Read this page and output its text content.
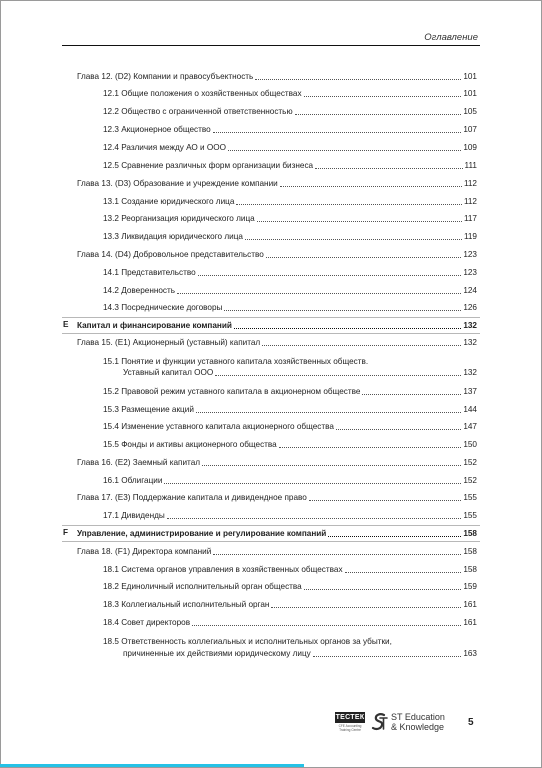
Оглавление
Глава 12. (D2) Компании и правосубъектность	101
12.1 Общие положения о хозяйственных обществах	101
12.2 Общество с ограниченной ответственностью	105
12.3 Акционерное общество	107
12.4 Различия между АО и ООО	109
12.5 Сравнение различных форм организации бизнеса	111
Глава 13. (D3) Образование и учреждение компании	112
13.1 Создание юридического лица	112
13.2 Реорганизация юридического лица	117
13.3 Ликвидация юридического лица	119
Глава 14. (D4) Добровольное представительство	123
14.1 Представительство	123
14.2 Доверенность	124
14.3 Посреднические договоры	126
E Капитал и финансирование компаний	132
Глава 15. (E1) Акционерный (уставный) капитал	132
15.1 Понятие и функции уставного капитала хозяйственных обществ.
Уставный капитал ООО	132
15.2 Правовой режим уставного капитала в акционерном обществе	137
15.3 Размещение акций	144
15.4 Изменение уставного капитала акционерного общества	147
15.5 Фонды и активы акционерного общества	150
Глава 16. (E2) Заемный капитал	152
16.1 Облигации	152
Глава 17. (E3) Поддержание капитала и дивидендное право	155
17.1 Дивиденды	155
F Управление, администрирование и регулирование компаний	158
Глава 18. (F1) Директора компаний	158
18.1 Система органов управления в хозяйственных обществах	158
18.2 Единоличный исполнительный орган общества	159
18.3 Коллегиальный исполнительный орган	161
18.4 Совет директоров	161
18.5 Ответственность коллегиальных и исполнительных органов за убытки,
причиненные их действиями юридическому лицу	163
ТЕСТЕК
CFE Accounting Training Centre
ST Education
& Knowledge 5
